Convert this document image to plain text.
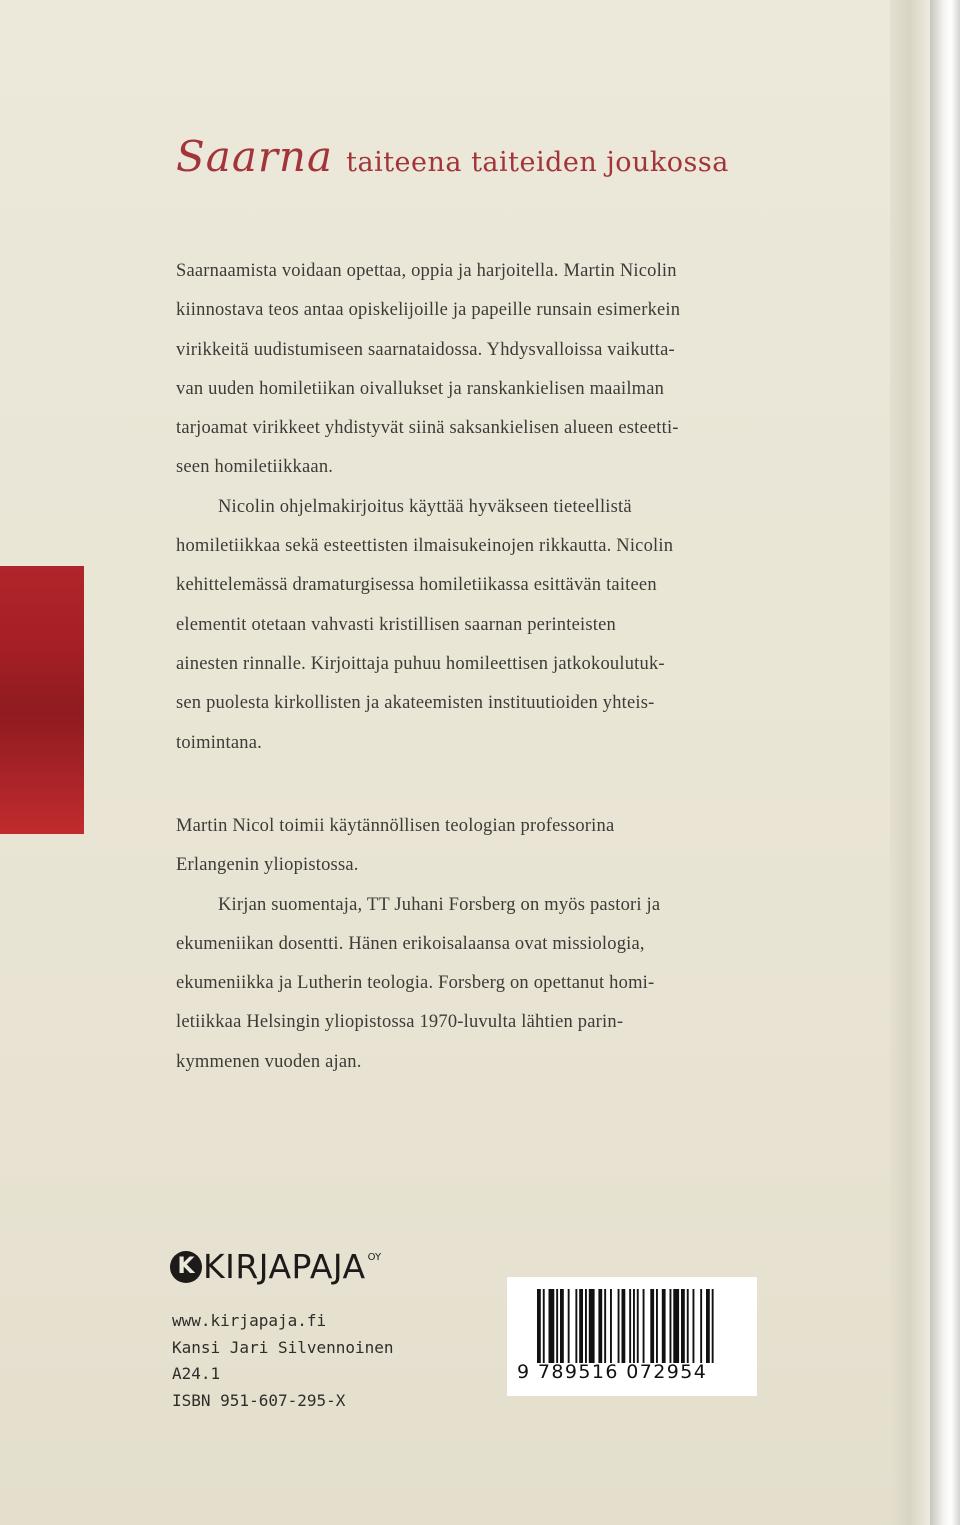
Saarna taiteena taiteiden joukossa

Saarnaamista voidaan opettaa, oppia ja harjoitella. Martin Nicolin
kiinnostava teos antaa opiskelijoille ja papeille runsain esimerkein
virikkeitä uudistumiseen saarnataidossa. Yhdysvalloissa vaikutta-
van uuden homiletiikan oivallukset ja ranskankielisen maailman
tarjoamat virikkeet yhdistyvät siinä saksankielisen alueen esteetti-
seen homiletiikkaan.

Nicolin ohjelmakirjoitus käyttää hyväkseen tieteellistä
homiletiikkaa sekä esteettisten ilmaisukeinojen rikkautta. Nicolin
kehittelemässä dramaturgisessa homiletiikassa esittävän taiteen
elementit otetaan vahvasti kristillisen saarnan perinteisten
ainesten rinnalle. Kirjoittaja puhuu homileettisen jatkokoulutuk-
sen puolesta kirkollisten ja akateemisten instituutioiden yhteis-
toimintana.

Martin Nicol toimii käytännöllisen teologian professorina
Erlangenin yliopistossa.

Kirjan suomentaja, TT Juhani Forsberg on myös pastori ja
ekumeniikan dosentti. Hänen erikoisalaansa ovat missiologia,
ekumeniikka ja Lutherin teologia. Forsberg on opettanut homi-
letiikkaa Helsingin yliopistossa 1970-luvulta lähtien parin-
kymmenen vuoden ajan.

K KIRJAPAJA OY
www.kirjapaja.fi
Kansi Jari Silvennoinen
A24.1
ISBN 951-607-295-X
9 789516 072954
